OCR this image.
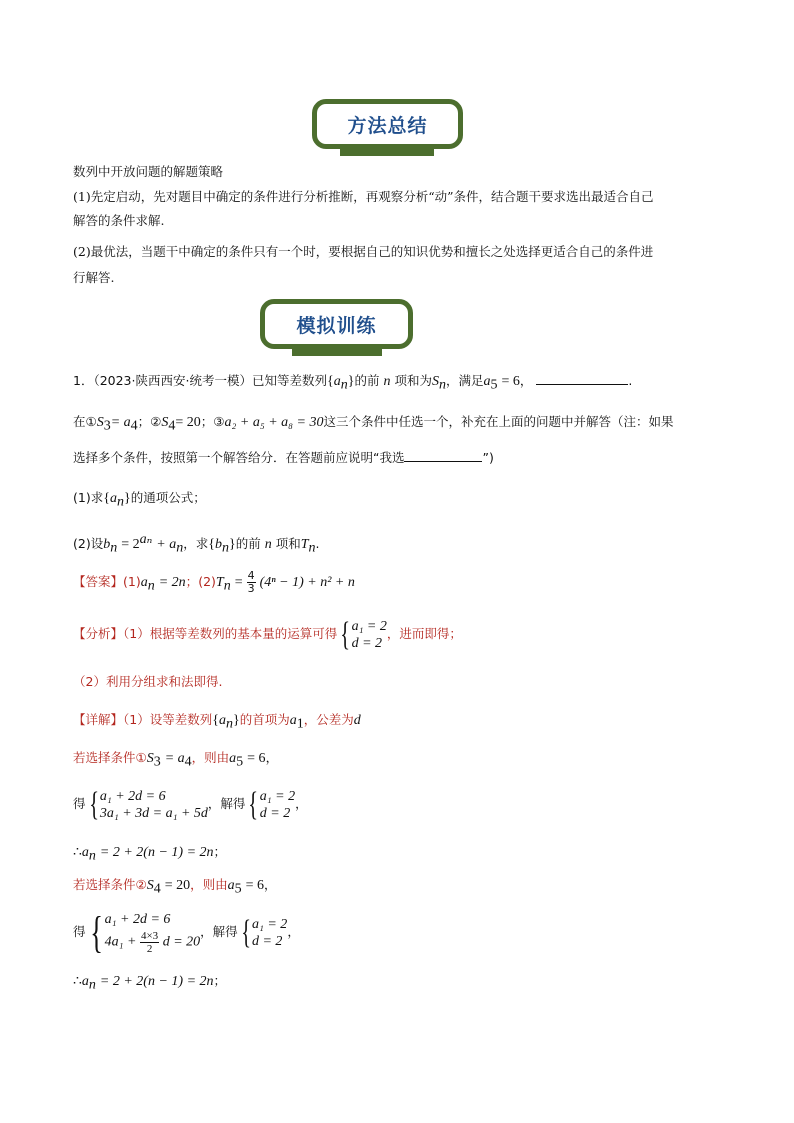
方法总结
数列中开放问题的解题策略
(1)先定启动，先对题目中确定的条件进行分析推断，再观察分析“动”条件，结合题干要求选出最适合自己
解答的条件求解.
(2)最优法，当题干中确定的条件只有一个时，要根据自己的知识优势和擅长之处选择更适合自己的条件进
行解答.
模拟训练
1．（2023·陕西西安·统考一模）已知等差数列$\{a_n\}$的前 n 项和为$S_n$，满足$a_5 = 6$，	.
在$①S_3= a_4$；$②S_4= 20$；③a₂ + a₅ + a₈ = 30这三个条件中任选一个，补充在上面的问题中并解答（注：如果
选择多个条件，按照第一个解答给分．在答题前应说明“我选	”)
(1)求$\{a_n\}$的通项公式；
(2)设$b_n = 2^{a_n} + a_n$，求$\{b_n\}$的前 n 项和$T_n$.
【答案】$(1)a_n = 2n$；$(2)T_n = \frac{4}{3} (4^n - 1) + n^2 + n$
【分析】（1）根据等差数列的基本量的运算可得{a₁ = 2
d = 2，进而即得；
（2）利用分组求和法即得.
【详解】（1）设等差数列$\{a_n\}$的首项为$a_1$，公差为d
若选择条件$①S_3 = a_4$，则由$a_5 = 6$，
得{a₁ + 2d = 6
3a₁ + 3d = a₁ + 5d，解得{a₁ = 2
d = 2，
$\therefore a_n = 2 + 2(n - 1) = 2n$；
若选择条件$②S_4 = 20$，则由$a_5 = 6$，
得{ a₁ + 2d = 6
$4a_1 + \frac{4\times 3}{2}$ d = 20，解得{a₁ = 2
d = 2，
$\therefore a_n = 2 + 2(n - 1) = 2n$；
